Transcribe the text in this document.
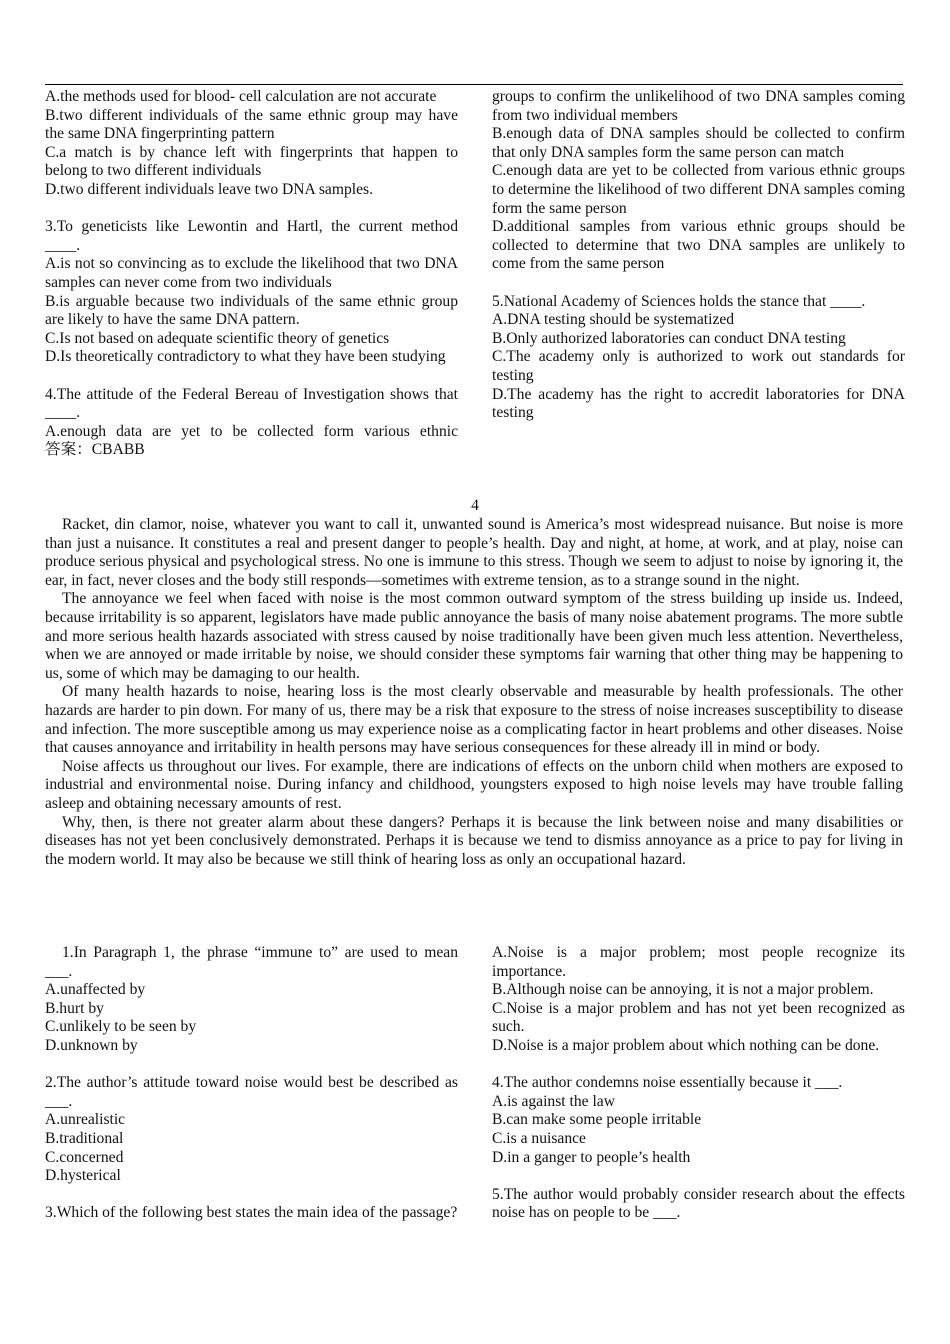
A.the methods used for blood- cell calculation are not accurate

B.two different individuals of the same ethnic group may have the same DNA fingerprinting pattern

C.a match is by chance left with fingerprints that happen to belong to two different individuals

D.two different individuals leave two DNA samples.

3.To geneticists like Lewontin and Hartl, the current method ____.

A.is not so convincing as to exclude the likelihood that two DNA samples can never come from two individuals

B.is arguable because two individuals of the same ethnic group are likely to have the same DNA pattern.

C.Is not based on adequate scientific theory of genetics

D.Is theoretically contradictory to what they have been studying

4.The attitude of the Federal Bereau of Investigation shows that ____.

A.enough data are yet to be collected form various ethnic

答案：CBABB

groups to confirm the unlikelihood of two DNA samples coming from two individual members

B.enough data of DNA samples should be collected to confirm that only DNA samples form the same person can match

C.enough data are yet to be collected from various ethnic groups to determine the likelihood of two different DNA samples coming form the same person

D.additional samples from various ethnic groups should be collected to determine that two DNA samples are unlikely to come from the same person

5.National Academy of Sciences holds the stance that ____.

A.DNA testing should be systematized

B.Only authorized laboratories can conduct DNA testing

C.The academy only is authorized to work out standards for testing

D.The academy has the right to accredit laboratories for DNA testing

4

Racket, din clamor, noise, whatever you want to call it, unwanted sound is America’s most widespread nuisance. But noise is more than just a nuisance. It constitutes a real and present danger to people’s health. Day and night, at home, at work, and at play, noise can produce serious physical and psychological stress. No one is immune to this stress. Though we seem to adjust to noise by ignoring it, the ear, in fact, never closes and the body still responds—sometimes with extreme tension, as to a strange sound in the night.

The annoyance we feel when faced with noise is the most common outward symptom of the stress building up inside us. Indeed, because irritability is so apparent, legislators have made public annoyance the basis of many noise abatement programs. The more subtle and more serious health hazards associated with stress caused by noise traditionally have been given much less attention. Nevertheless, when we are annoyed or made irritable by noise, we should consider these symptoms fair warning that other thing may be happening to us, some of which may be damaging to our health.

Of many health hazards to noise, hearing loss is the most clearly observable and measurable by health professionals. The other hazards are harder to pin down. For many of us, there may be a risk that exposure to the stress of noise increases susceptibility to disease and infection. The more susceptible among us may experience noise as a complicating factor in heart problems and other diseases. Noise that causes annoyance and irritability in health persons may have serious consequences for these already ill in mind or body.

Noise affects us throughout our lives. For example, there are indications of effects on the unborn child when mothers are exposed to industrial and environmental noise. During infancy and childhood, youngsters exposed to high noise levels may have trouble falling asleep and obtaining necessary amounts of rest.

Why, then, is there not greater alarm about these dangers? Perhaps it is because the link between noise and many disabilities or diseases has not yet been conclusively demonstrated. Perhaps it is because we tend to dismiss annoyance as a price to pay for living in the modern world. It may also be because we still think of hearing loss as only an occupational hazard.

1.In Paragraph 1, the phrase “immune to” are used to mean ___.

A.unaffected by

B.hurt by

C.unlikely to be seen by

D.unknown by

2.The author’s attitude toward noise would best be described as ___.

A.unrealistic

B.traditional

C.concerned

D.hysterical

3.Which of the following best states the main idea of the passage?

A.Noise is a major problem; most people recognize its importance.

B.Although noise can be annoying, it is not a major problem.

C.Noise is a major problem and has not yet been recognized as such.

D.Noise is a major problem about which nothing can be done.

4.The author condemns noise essentially because it ___.

A.is against the law

B.can make some people irritable

C.is a nuisance

D.in a ganger to people’s health

5.The author would probably consider research about the effects noise has on people to be ___.
